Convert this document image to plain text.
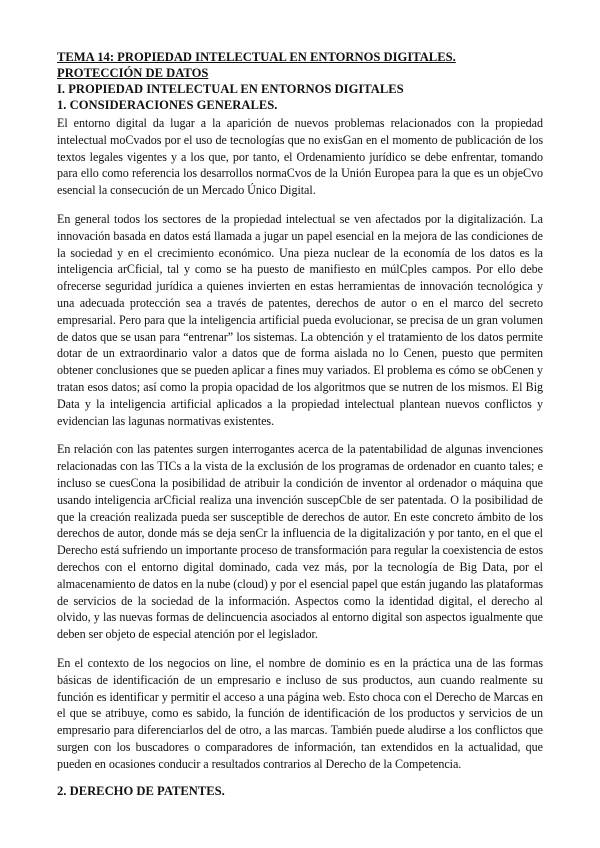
TEMA 14: PROPIEDAD INTELECTUAL EN ENTORNOS DIGITALES. PROTECCIÓN DE DATOS

I. PROPIEDAD INTELECTUAL EN ENTORNOS DIGITALES

1. CONSIDERACIONES GENERALES.

El entorno digital da lugar a la aparición de nuevos problemas relacionados con la propiedad intelectual moCvados por el uso de tecnologías que no exisGan en el momento de publicación de los textos legales vigentes y a los que, por tanto, el Ordenamiento jurídico se debe enfrentar, tomando para ello como referencia los desarrollos normaCvos de la Unión Europea para la que es un objeCvo esencial la consecución de un Mercado Único Digital.

En general todos los sectores de la propiedad intelectual se ven afectados por la digitalización. La innovación basada en datos está llamada a jugar un papel esencial en la mejora de las condiciones de la sociedad y en el crecimiento económico. Una pieza nuclear de la economía de los datos es la inteligencia arCficial, tal y como se ha puesto de manifiesto en múlCples campos. Por ello debe ofrecerse seguridad jurídica a quienes invierten en estas herramientas de innovación tecnológica y una adecuada protección sea a través de patentes, derechos de autor o en el marco del secreto empresarial. Pero para que la inteligencia artificial pueda evolucionar, se precisa de un gran volumen de datos que se usan para “entrenar” los sistemas. La obtención y el tratamiento de los datos permite dotar de un extraordinario valor a datos que de forma aislada no lo Cenen, puesto que permiten obtener conclusiones que se pueden aplicar a fines muy variados. El problema es cómo se obCenen y tratan esos datos; así como la propia opacidad de los algoritmos que se nutren de los mismos. El Big Data y la inteligencia artificial aplicados a la propiedad intelectual plantean nuevos conflictos y evidencian las lagunas normativas existentes.

En relación con las patentes surgen interrogantes acerca de la patentabilidad de algunas invenciones relacionadas con las TICs a la vista de la exclusión de los programas de ordenador en cuanto tales; e incluso se cuesCona la posibilidad de atribuir la condición de inventor al ordenador o máquina que usando inteligencia arCficial realiza una invención suscepCble de ser patentada. O la posibilidad de que la creación realizada pueda ser susceptible de derechos de autor. En este concreto ámbito de los derechos de autor, donde más se deja senCr la influencia de la digitalización y por tanto, en el que el Derecho está sufriendo un importante proceso de transformación para regular la coexistencia de estos derechos con el entorno digital dominado, cada vez más, por la tecnología de Big Data, por el almacenamiento de datos en la nube (cloud) y por el esencial papel que están jugando las plataformas de servicios de la sociedad de la información. Aspectos como la identidad digital, el derecho al olvido, y las nuevas formas de delincuencia asociados al entorno digital son aspectos igualmente que deben ser objeto de especial atención por el legislador.

En el contexto de los negocios on line, el nombre de dominio es en la práctica una de las formas básicas de identificación de un empresario e incluso de sus productos, aun cuando realmente su función es identificar y permitir el acceso a una página web. Esto choca con el Derecho de Marcas en el que se atribuye, como es sabido, la función de identificación de los productos y servicios de un empresario para diferenciarlos del de otro, a las marcas. También puede aludirse a los conflictos que surgen con los buscadores o comparadores de información, tan extendidos en la actualidad, que pueden en ocasiones conducir a resultados contrarios al Derecho de la Competencia.

2. DERECHO DE PATENTES.
